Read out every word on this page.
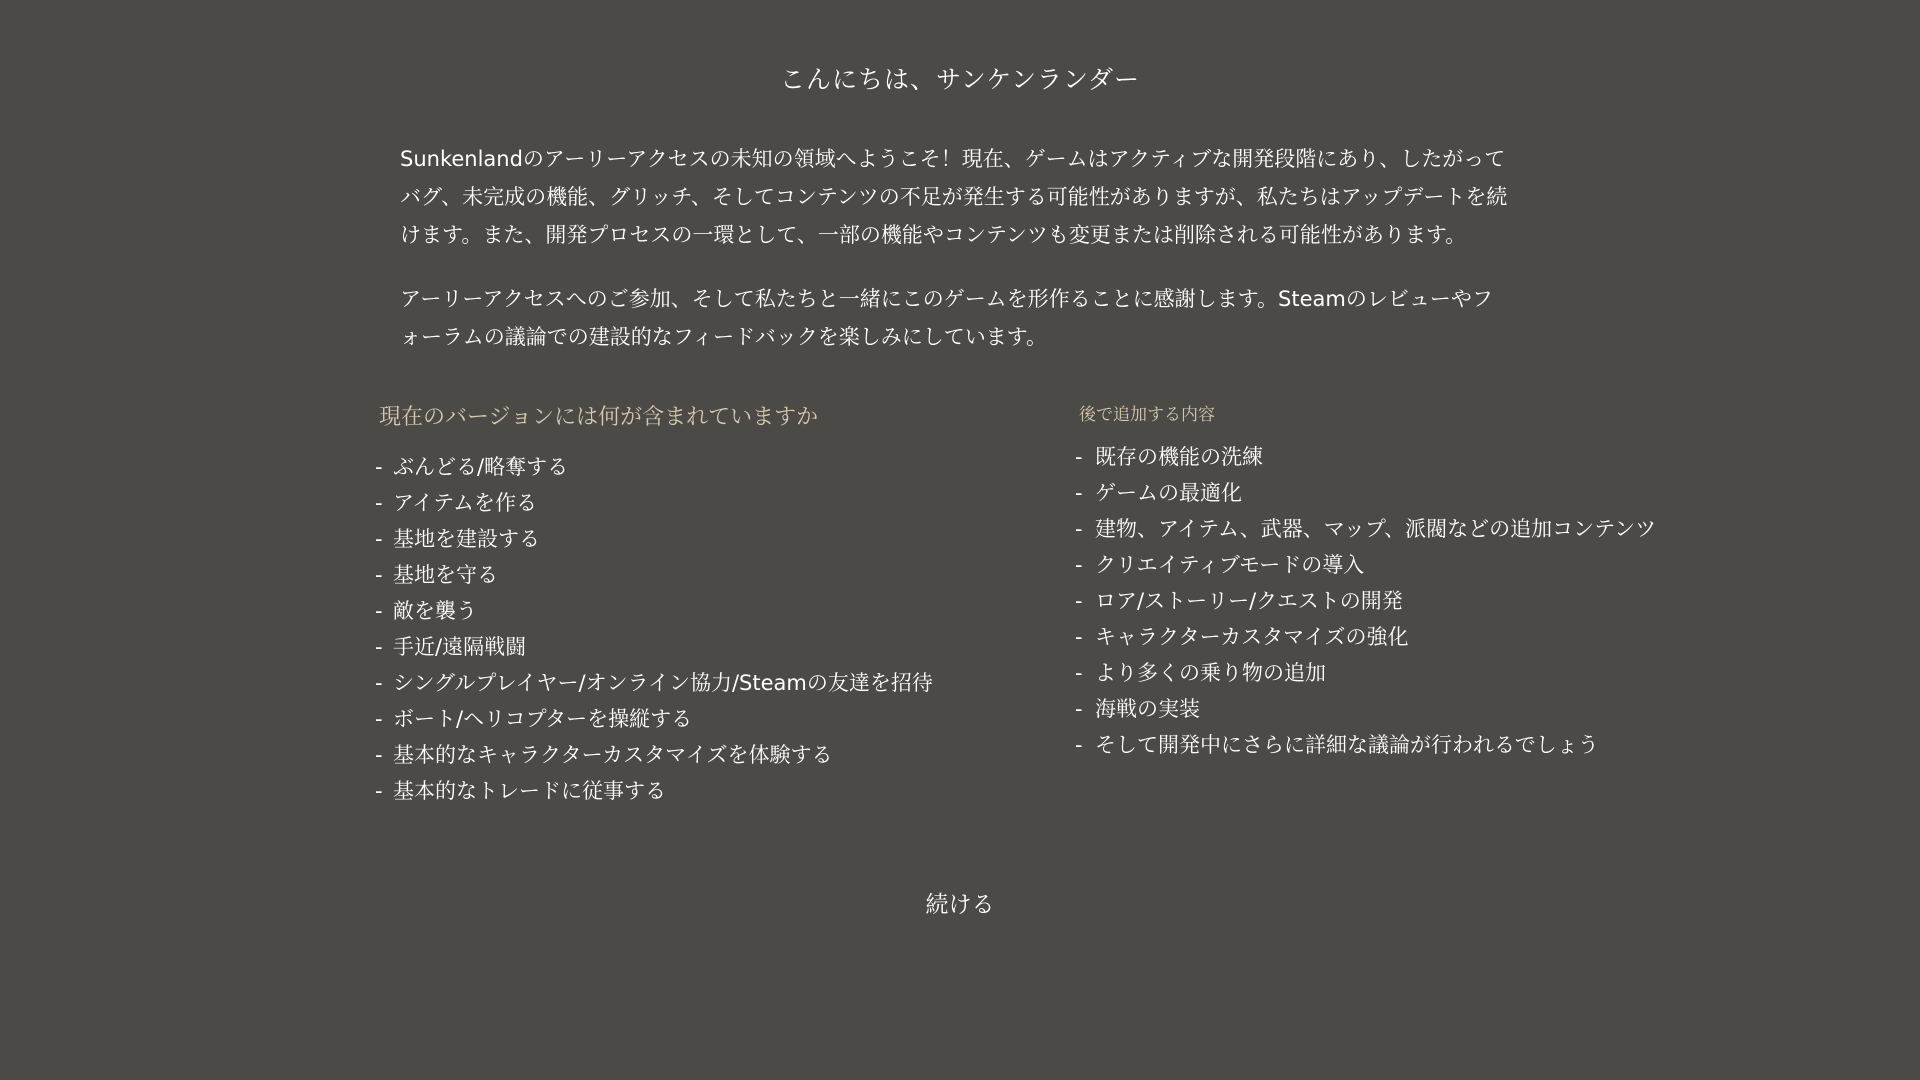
こんにちは、サンケンランダー

Sunkenlandのアーリーアクセスの未知の領域へようこそ！現在、ゲームはアクティブな開発段階にあり、したがってバグ、未完成の機能、グリッチ、そしてコンテンツの不足が発生する可能性がありますが、私たちはアップデートを続けます。また、開発プロセスの一環として、一部の機能やコンテンツも変更または削除される可能性があります。

アーリーアクセスへのご参加、そして私たちと一緒にこのゲームを形作ることに感謝します。Steamのレビューやフォーラムの議論での建設的なフィードバックを楽しみにしています。

現在のバージョンには何が含まれていますか

- ぶんどる/略奪する
- アイテムを作る
- 基地を建設する
- 基地を守る
- 敵を襲う
- 手近/遠隔戦闘
- シングルプレイヤー/オンライン協力/Steamの友達を招待
- ボート/ヘリコプターを操縦する
- 基本的なキャラクターカスタマイズを体験する
- 基本的なトレードに従事する

後で追加する内容

- 既存の機能の洗練
- ゲームの最適化
- 建物、アイテム、武器、マップ、派閥などの追加コンテンツ
- クリエイティブモードの導入
- ロア/ストーリー/クエストの開発
- キャラクターカスタマイズの強化
- より多くの乗り物の追加
- 海戦の実装
- そして開発中にさらに詳細な議論が行われるでしょう
続ける
